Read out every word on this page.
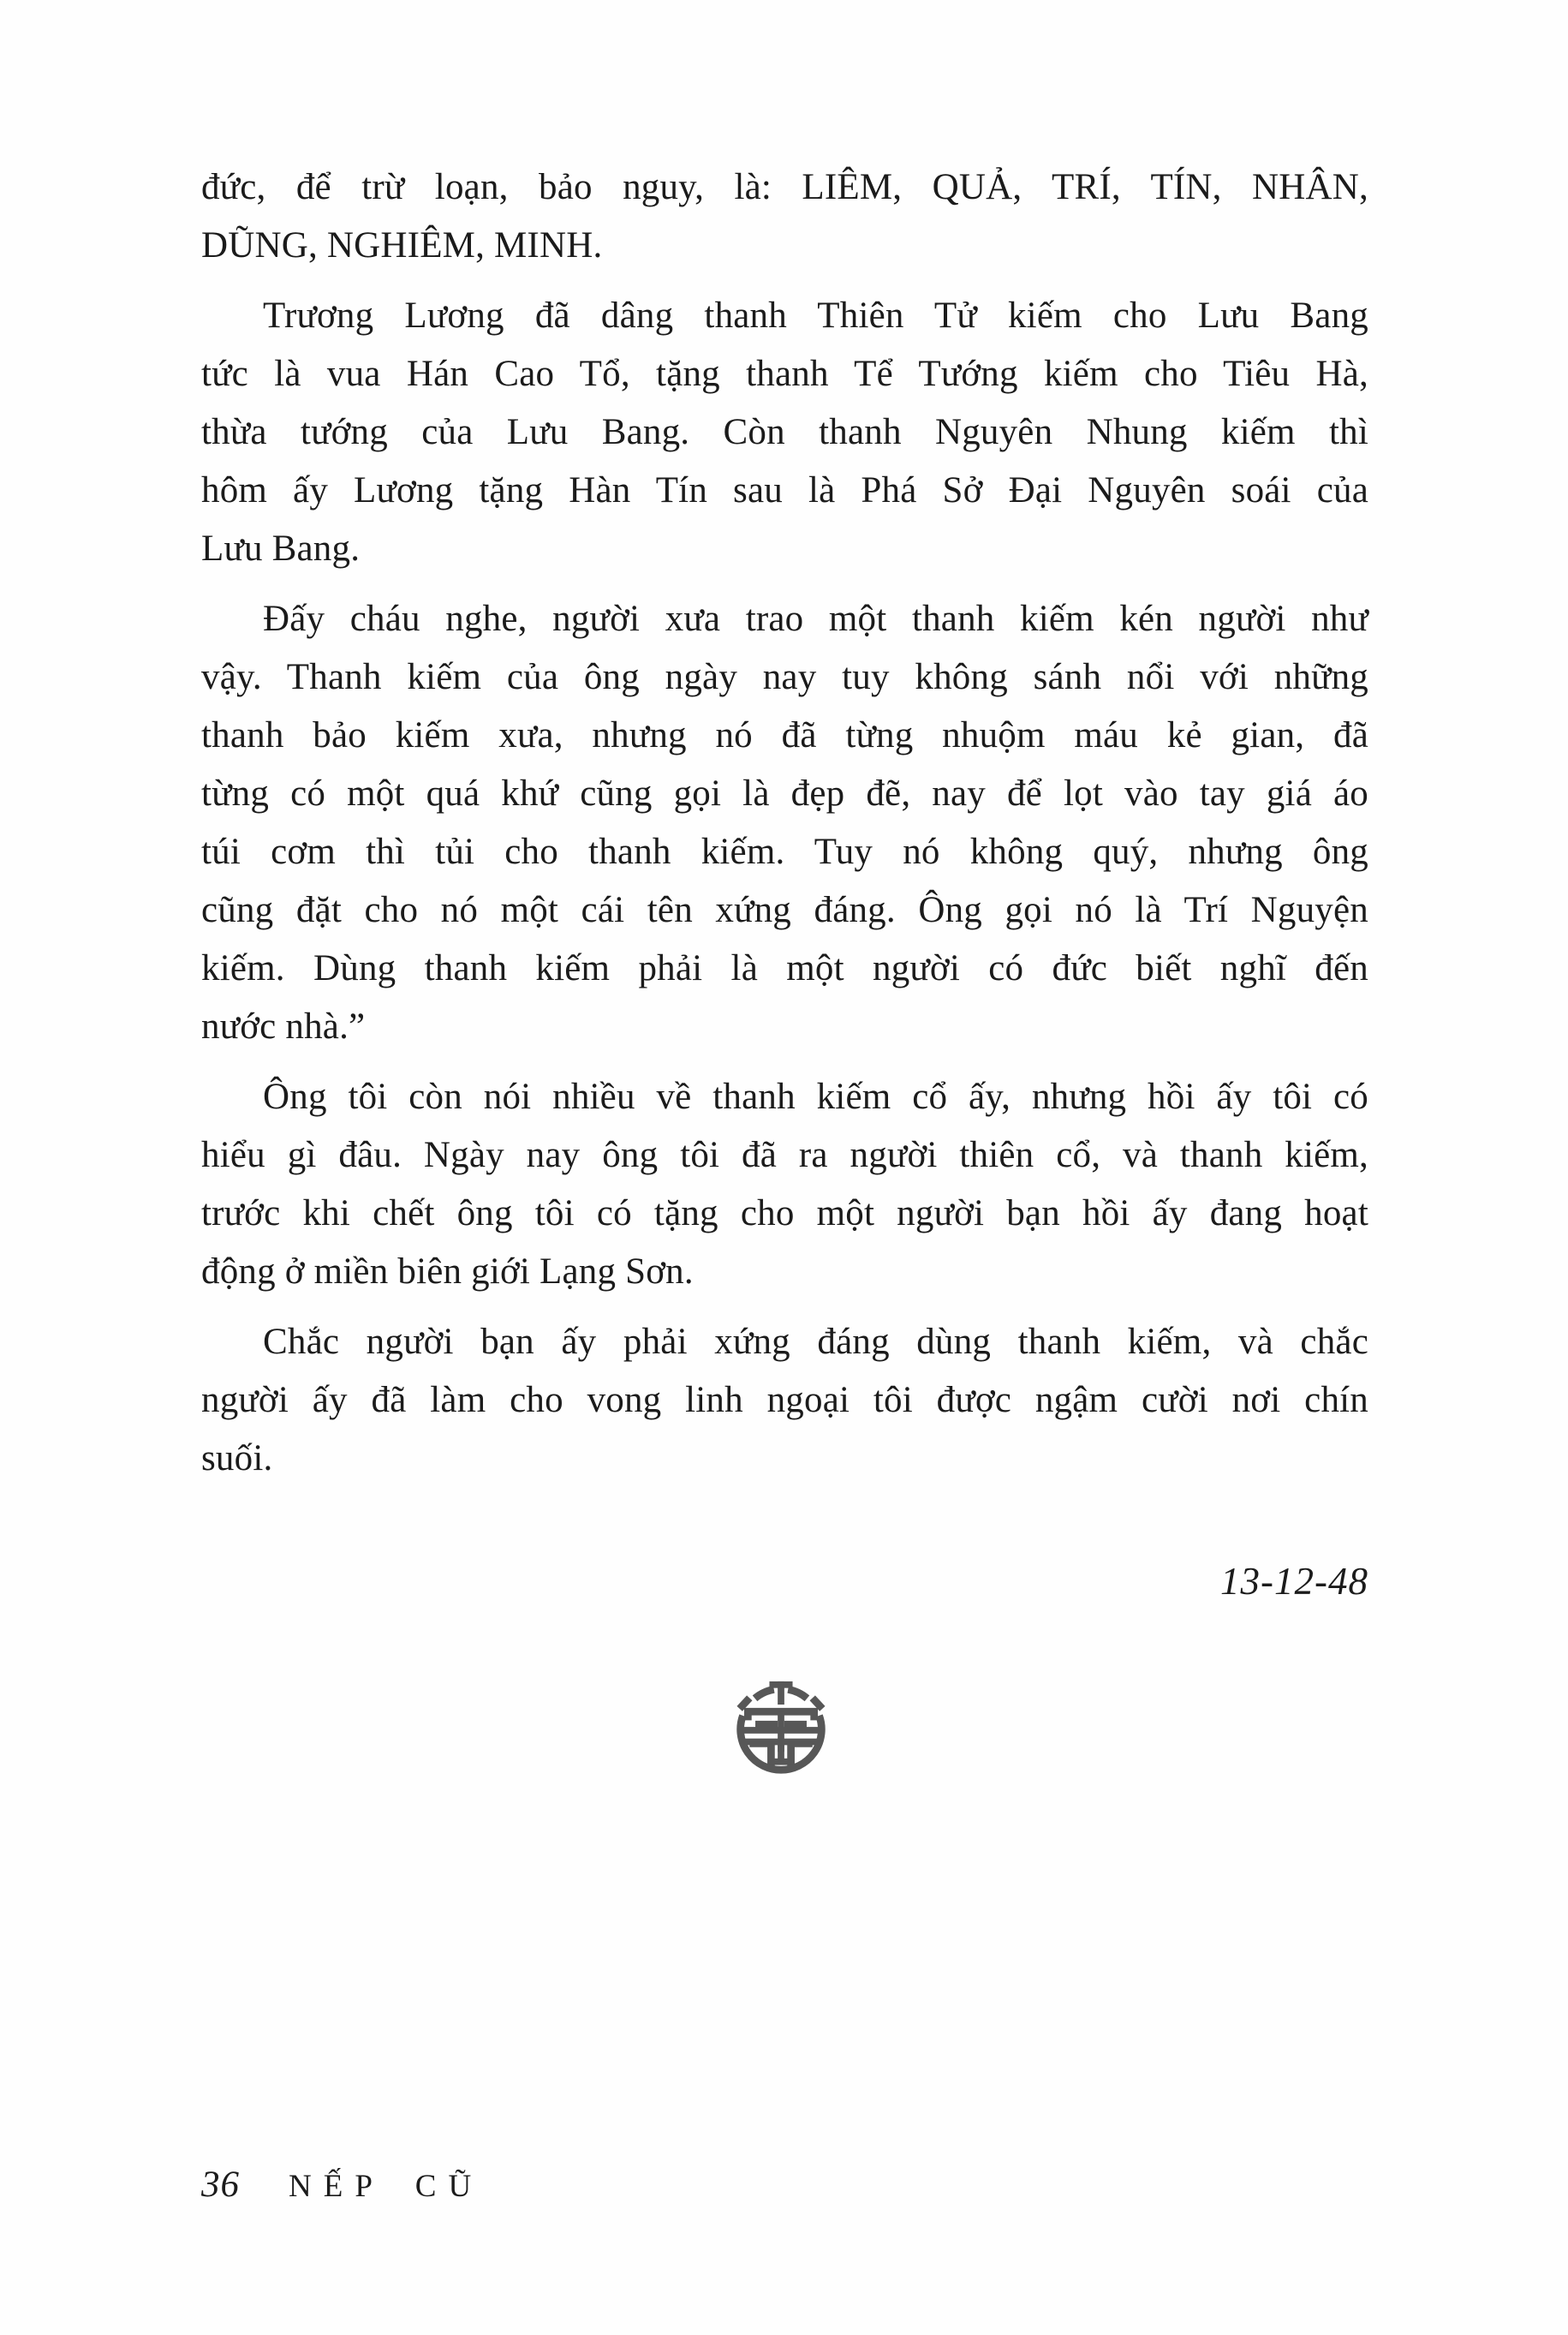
đức, để trừ loạn, bảo nguy, là: LIÊM, QUẢ, TRÍ, TÍN, NHÂN,
DŨNG, NGHIÊM, MINH.
Trương Lương đã dâng thanh Thiên Tử kiếm cho Lưu Bang
tức là vua Hán Cao Tổ, tặng thanh Tể Tướng kiếm cho Tiêu Hà,
thừa tướng của Lưu Bang. Còn thanh Nguyên Nhung kiếm thì
hôm ấy Lương tặng Hàn Tín sau là Phá Sở Đại Nguyên soái của
Lưu Bang.
Đấy cháu nghe, người xưa trao một thanh kiếm kén người như
vậy. Thanh kiếm của ông ngày nay tuy không sánh nổi với những
thanh bảo kiếm xưa, nhưng nó đã từng nhuộm máu kẻ gian, đã
từng có một quá khứ cũng gọi là đẹp đẽ, nay để lọt vào tay giá áo
túi cơm thì tủi cho thanh kiếm. Tuy nó không quý, nhưng ông
cũng đặt cho nó một cái tên xứng đáng. Ông gọi nó là Trí Nguyện
kiếm. Dùng thanh kiếm phải là một người có đức biết nghĩ đến
nước nhà.”
Ông tôi còn nói nhiều về thanh kiếm cổ ấy, nhưng hồi ấy tôi có
hiểu gì đâu. Ngày nay ông tôi đã ra người thiên cổ, và thanh kiếm,
trước khi chết ông tôi có tặng cho một người bạn hồi ấy đang hoạt
động ở miền biên giới Lạng Sơn.
Chắc người bạn ấy phải xứng đáng dùng thanh kiếm, và chắc
người ấy đã làm cho vong linh ngoại tôi được ngậm cười nơi chín
suối.
13-12-48
36 NẾP CŨ
